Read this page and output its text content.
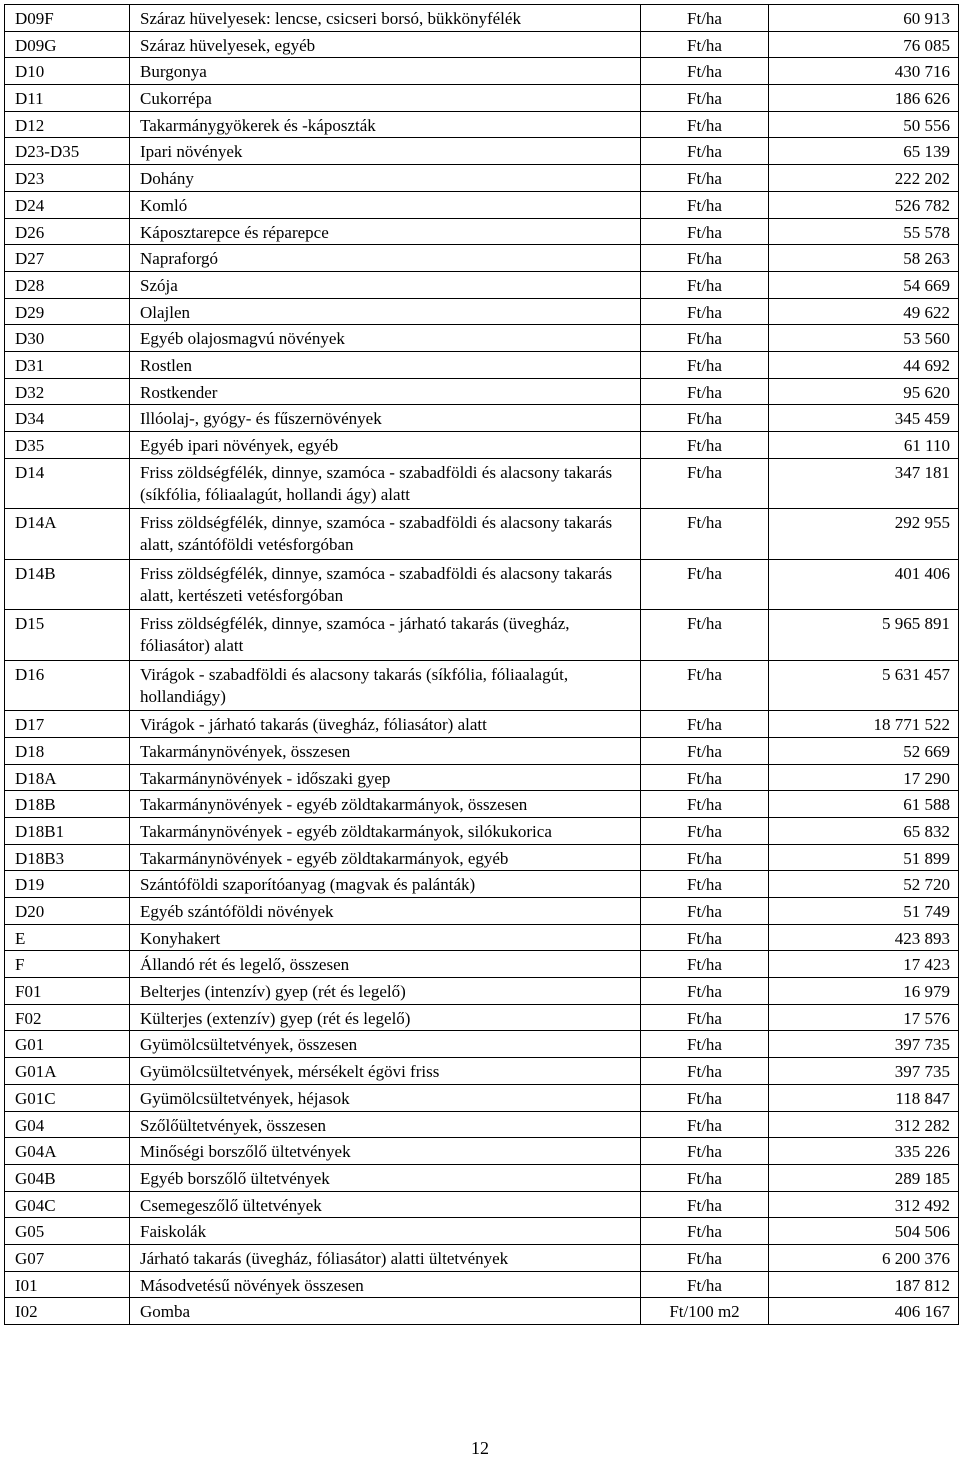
D09F	Száraz hüvelyesek: lencse, csicseri borsó, bükkönyfélék	Ft/ha	60 913
D09G	Száraz hüvelyesek, egyéb	Ft/ha	76 085
D10	Burgonya	Ft/ha	430 716
D11	Cukorrépa	Ft/ha	186 626
D12	Takarmánygyökerek és -káposzták	Ft/ha	50 556
D23-D35	Ipari növények	Ft/ha	65 139
D23	Dohány	Ft/ha	222 202
D24	Komló	Ft/ha	526 782
D26	Káposztarepce és réparepce	Ft/ha	55 578
D27	Napraforgó	Ft/ha	58 263
D28	Szója	Ft/ha	54 669
D29	Olajlen	Ft/ha	49 622
D30	Egyéb olajosmagvú növények	Ft/ha	53 560
D31	Rostlen	Ft/ha	44 692
D32	Rostkender	Ft/ha	95 620
D34	Illóolaj-, gyógy- és fűszernövények	Ft/ha	345 459
D35	Egyéb ipari növények, egyéb	Ft/ha	61 110
D14	Friss zöldségfélék, dinnye, szamóca - szabadföldi és alacsony takarás (síkfólia, fóliaalagút, hollandi ágy) alatt	Ft/ha	347 181
D14A	Friss zöldségfélék, dinnye, szamóca - szabadföldi és alacsony takarás alatt, szántóföldi vetésforgóban	Ft/ha	292 955
D14B	Friss zöldségfélék, dinnye, szamóca - szabadföldi és alacsony takarás alatt, kertészeti vetésforgóban	Ft/ha	401 406
D15	Friss zöldségfélék, dinnye, szamóca - járható takarás (üvegház, fóliasátor) alatt	Ft/ha	5 965 891
D16	Virágok - szabadföldi és alacsony takarás (síkfólia, fóliaalagút, hollandiágy)	Ft/ha	5 631 457
D17	Virágok - járható takarás (üvegház, fóliasátor) alatt	Ft/ha	18 771 522
D18	Takarmánynövények, összesen	Ft/ha	52 669
D18A	Takarmánynövények - időszaki gyep	Ft/ha	17 290
D18B	Takarmánynövények - egyéb zöldtakarmányok, összesen	Ft/ha	61 588
D18B1	Takarmánynövények - egyéb zöldtakarmányok, silókukorica	Ft/ha	65 832
D18B3	Takarmánynövények - egyéb zöldtakarmányok, egyéb	Ft/ha	51 899
D19	Szántóföldi szaporítóanyag (magvak és palánták)	Ft/ha	52 720
D20	Egyéb szántóföldi növények	Ft/ha	51 749
E	Konyhakert	Ft/ha	423 893
F	Állandó rét és legelő, összesen	Ft/ha	17 423
F01	Belterjes (intenzív) gyep (rét és legelő)	Ft/ha	16 979
F02	Külterjes (extenzív) gyep (rét és legelő)	Ft/ha	17 576
G01	Gyümölcsültetvények, összesen	Ft/ha	397 735
G01A	Gyümölcsültetvények, mérsékelt égövi friss	Ft/ha	397 735
G01C	Gyümölcsültetvények, héjasok	Ft/ha	118 847
G04	Szőlőültetvények, összesen	Ft/ha	312 282
G04A	Minőségi borszőlő ültetvények	Ft/ha	335 226
G04B	Egyéb borszőlő ültetvények	Ft/ha	289 185
G04C	Csemegeszőlő ültetvények	Ft/ha	312 492
G05	Faiskolák	Ft/ha	504 506
G07	Járható takarás (üvegház, fóliasátor) alatti ültetvények	Ft/ha	6 200 376
I01	Másodvetésű növények összesen	Ft/ha	187 812
I02	Gomba	Ft/100 m2	406 167
12
